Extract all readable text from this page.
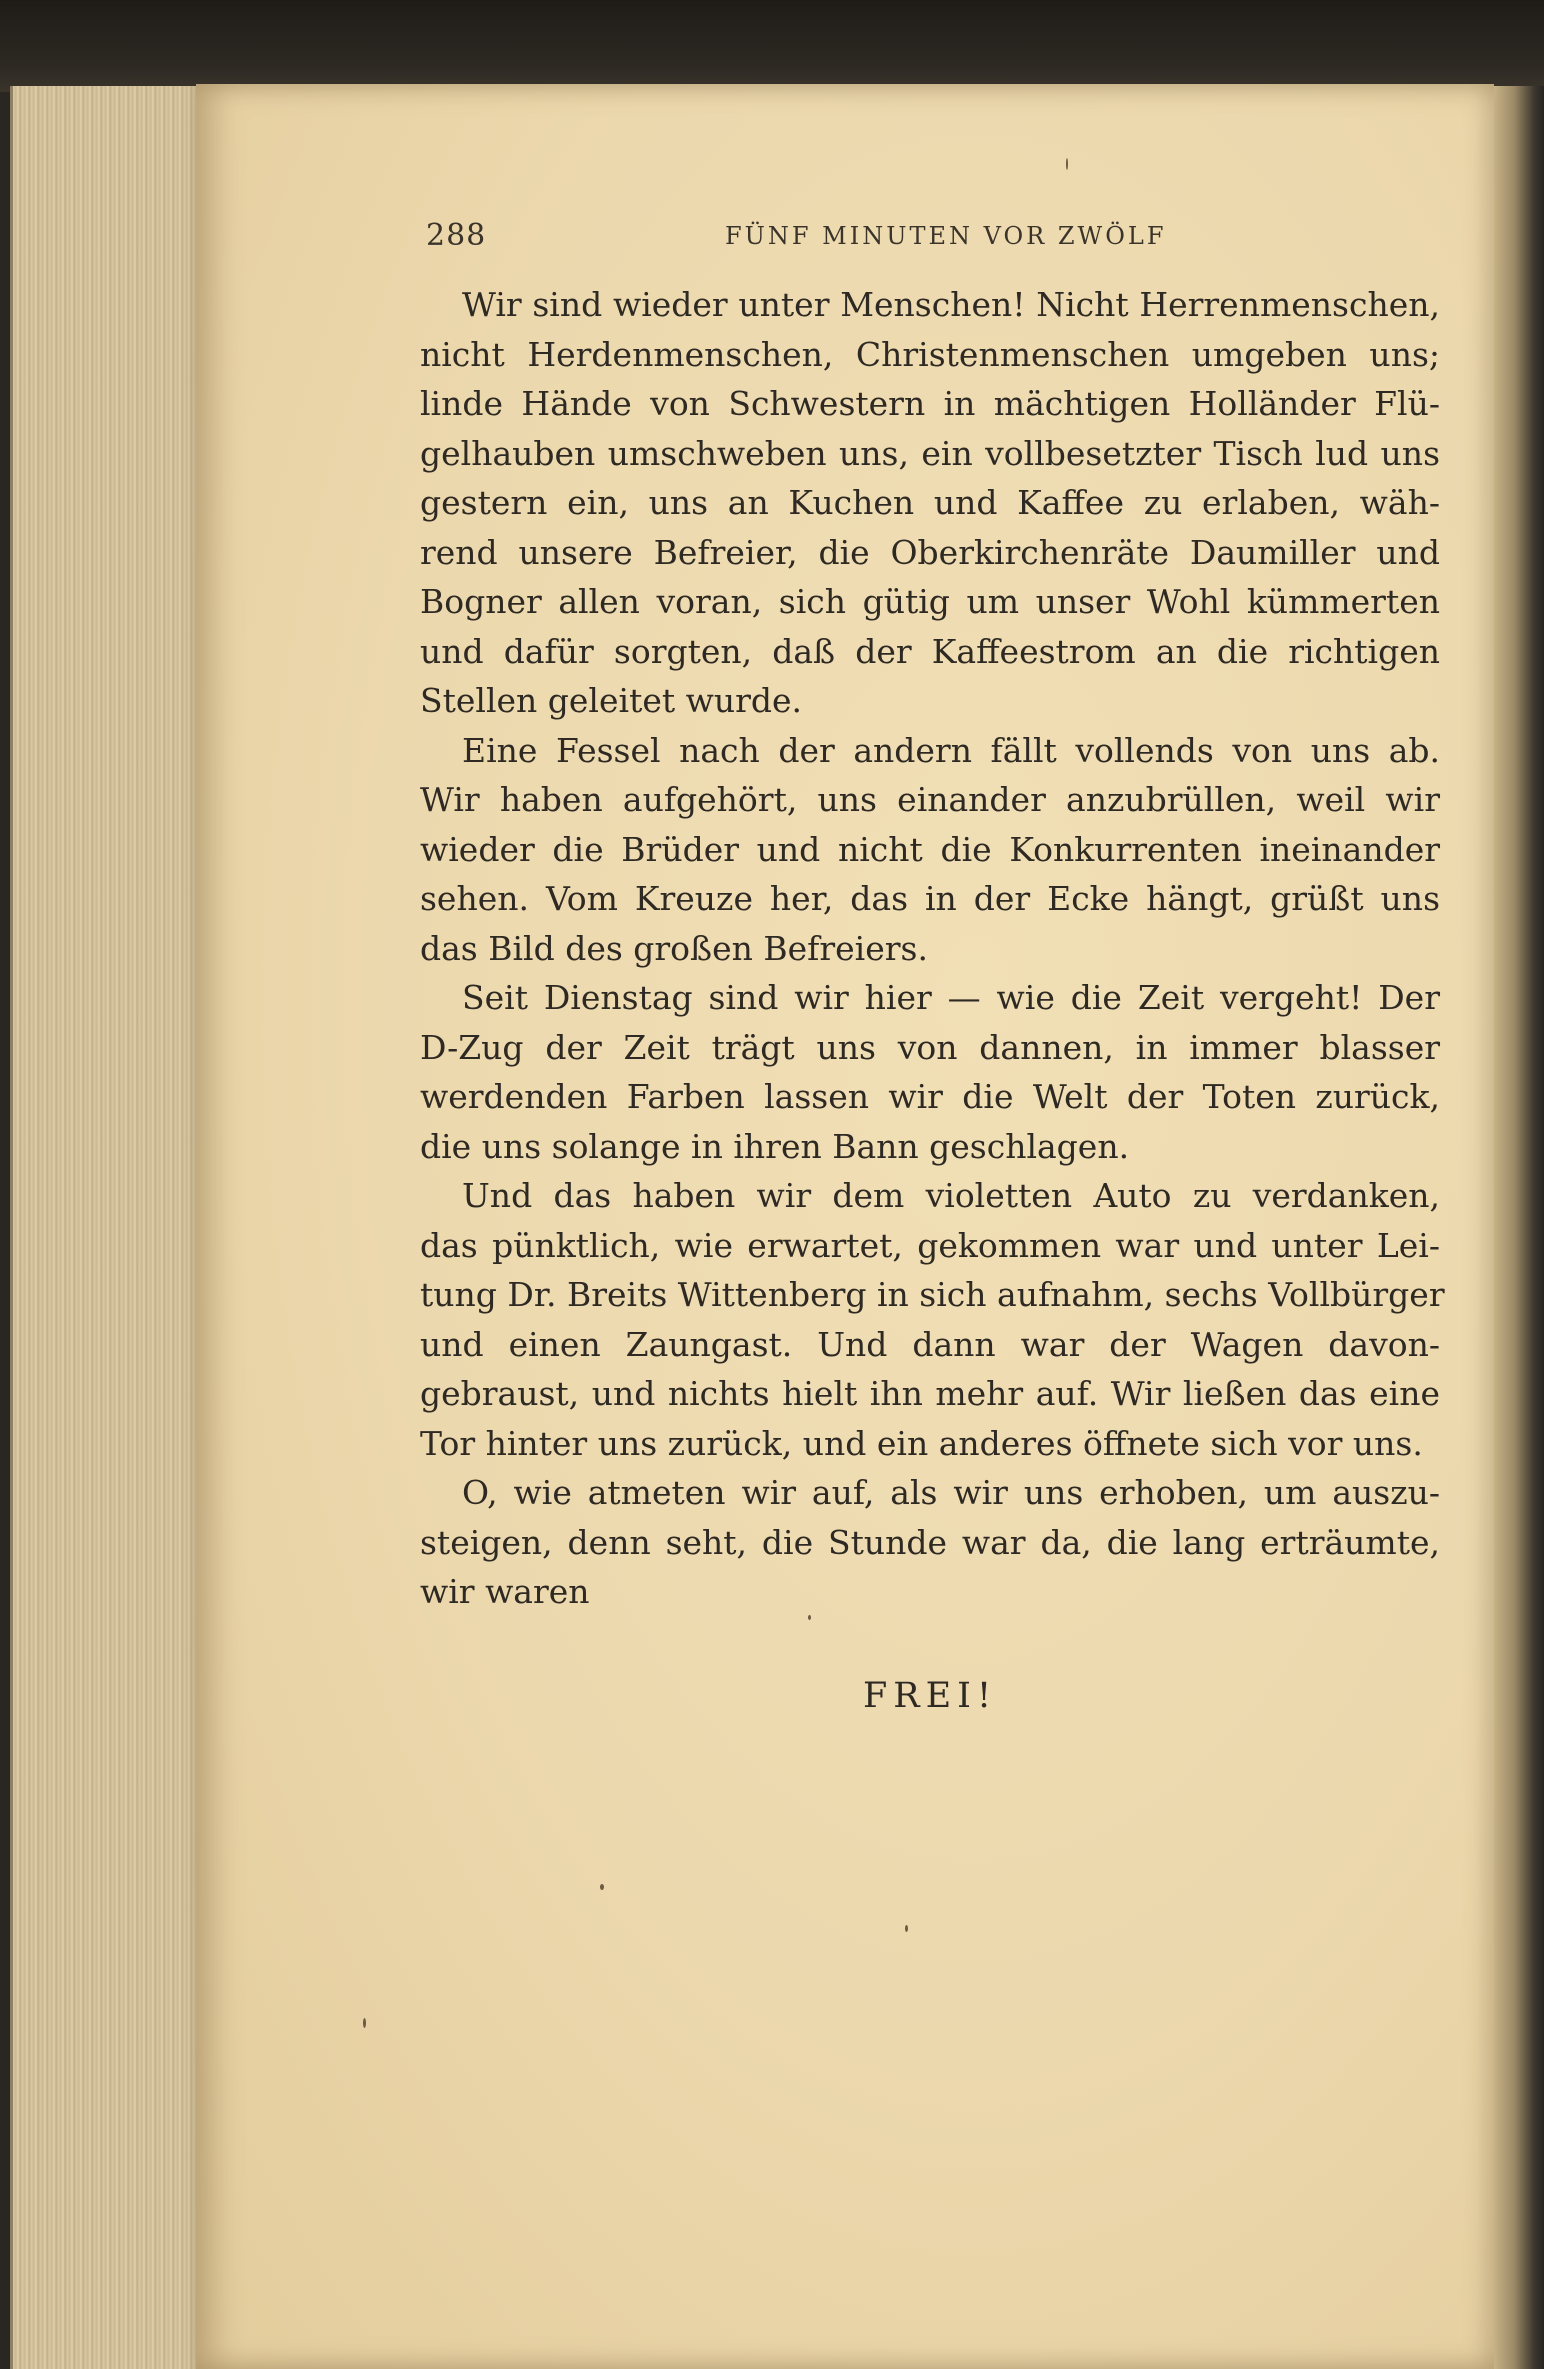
288	FÜNF MINUTEN VOR ZWÖLF

Wir sind wieder unter Menschen! Nicht Herrenmenschen,
nicht Herdenmenschen, Christenmenschen umgeben uns;
linde Hände von Schwestern in mächtigen Holländer Flü-
gelhauben umschweben uns, ein vollbesetzter Tisch lud uns
gestern ein, uns an Kuchen und Kaffee zu erlaben, wäh-
rend unsere Befreier, die Oberkirchenräte Daumiller und
Bogner allen voran, sich gütig um unser Wohl kümmerten
und dafür sorgten, daß der Kaffeestrom an die richtigen
Stellen geleitet wurde.

Eine Fessel nach der andern fällt vollends von uns ab.
Wir haben aufgehört, uns einander anzubrüllen, weil wir
wieder die Brüder und nicht die Konkurrenten ineinander
sehen. Vom Kreuze her, das in der Ecke hängt, grüßt uns
das Bild des großen Befreiers.

Seit Dienstag sind wir hier — wie die Zeit vergeht! Der
D-Zug der Zeit trägt uns von dannen, in immer blasser
werdenden Farben lassen wir die Welt der Toten zurück,
die uns solange in ihren Bann geschlagen.

Und das haben wir dem violetten Auto zu verdanken,
das pünktlich, wie erwartet, gekommen war und unter Lei-
tung Dr. Breits Wittenberg in sich aufnahm, sechs Vollbürger
und einen Zaungast. Und dann war der Wagen davon-
gebraust, und nichts hielt ihn mehr auf. Wir ließen das eine
Tor hinter uns zurück, und ein anderes öffnete sich vor uns.

O, wie atmeten wir auf, als wir uns erhoben, um auszu-
steigen, denn seht, die Stunde war da, die lang erträumte,
wir waren

FREI!
